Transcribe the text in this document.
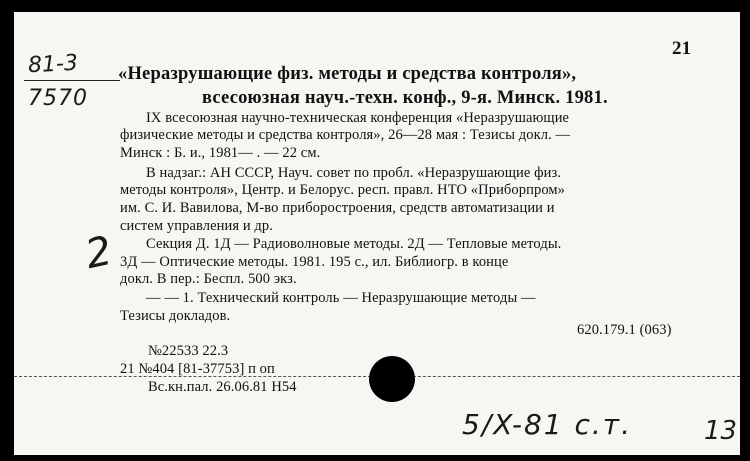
21
81-3
7570
«Неразрушающие физ. методы и средства контроля»,
всесоюзная науч.-техн. конф., 9-я. Минск. 1981.
IX всесоюзная научно-техническая конференция «Неразрушающие
физические методы и средства контроля», 26—28 мая : Тезисы докл. —
Минск : Б. и., 1981— . — 22 см.
В надзаг.: АН СССР, Науч. совет по пробл. «Неразрушающие физ.
методы контроля», Центр. и Белорус. респ. правл. НТО «Приборпром»
им. С. И. Вавилова, М-во приборостроения, средств автоматизации и
систем управления и др.
Секция Д. 1Д — Радиоволновые методы. 2Д — Тепловые методы.
3Д — Оптические методы. 1981. 195 с., ил. Библиогр. в конце
докл. В пер.: Беспл. 500 экз.
— — 1. Технический контроль — Неразрушающие методы —
Тезисы докладов.
2
620.179.1 (063)
№22533 22.3
21 №404 [81-37753] п оп
Вс.кн.пал. 26.06.81 Н54
5/X-81 с.т.	13
